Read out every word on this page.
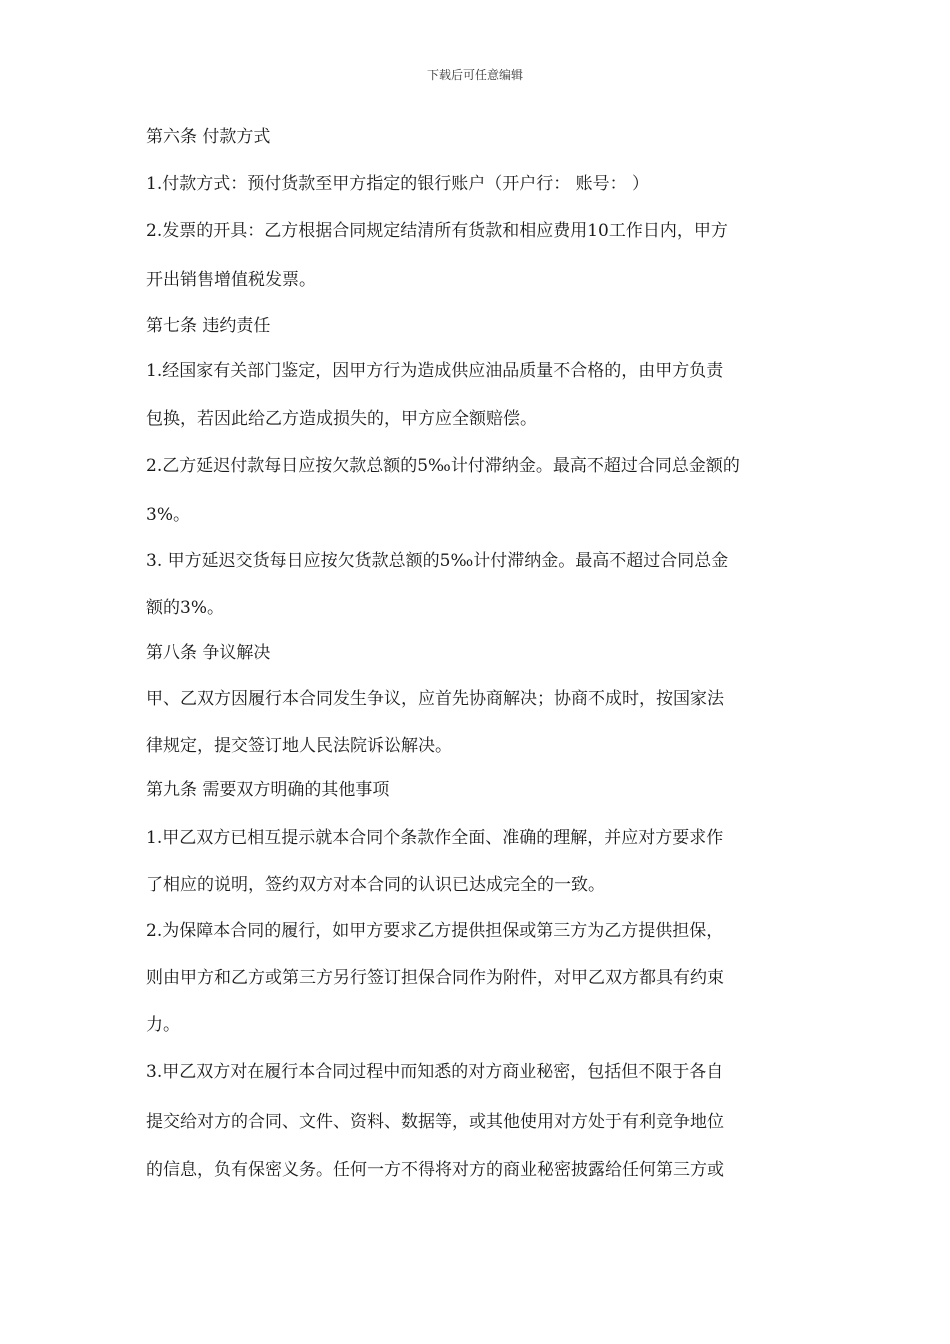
下载后可任意编辑
第六条 付款方式
1.付款方式：预付货款至甲方指定的银行账户（开户行： 账号： ）
2.发票的开具：乙方根据合同规定结清所有货款和相应费用10工作日内，甲方
开出销售增值税发票。
第七条 违约责任
1.经国家有关部门鉴定，因甲方行为造成供应油品质量不合格的，由甲方负责
包换，若因此给乙方造成损失的，甲方应全额赔偿。
2.乙方延迟付款每日应按欠款总额的5‰计付滞纳金。最高不超过合同总金额的
3%。
3. 甲方延迟交货每日应按欠货款总额的5‰计付滞纳金。最高不超过合同总金
额的3%。
第八条 争议解决
甲、乙双方因履行本合同发生争议，应首先协商解决；协商不成时，按国家法
律规定，提交签订地人民法院诉讼解决。
第九条 需要双方明确的其他事项
1.甲乙双方已相互提示就本合同个条款作全面、准确的理解，并应对方要求作
了相应的说明，签约双方对本合同的认识已达成完全的一致。
2.为保障本合同的履行，如甲方要求乙方提供担保或第三方为乙方提供担保，
则由甲方和乙方或第三方另行签订担保合同作为附件，对甲乙双方都具有约束
力。
3.甲乙双方对在履行本合同过程中而知悉的对方商业秘密，包括但不限于各自
提交给对方的合同、文件、资料、数据等，或其他使用对方处于有利竞争地位
的信息，负有保密义务。任何一方不得将对方的商业秘密披露给任何第三方或
